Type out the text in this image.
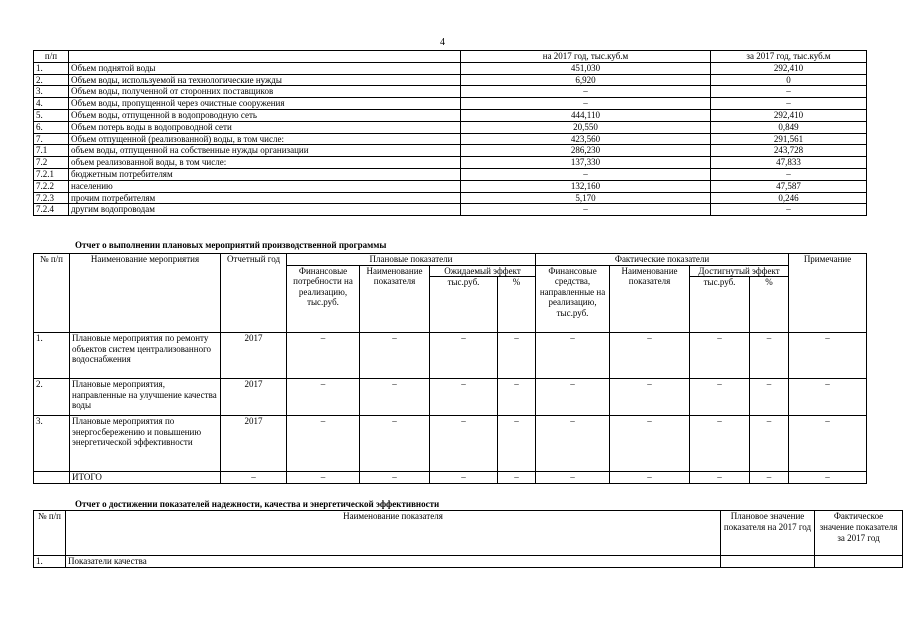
4
п/п		на 2017 год, тыс.куб.м	за 2017 год, тыс.куб.м
1.	Объем поднятой воды	451,030	292,410
2.	Объем воды, используемой на технологические нужды	6,920	0
3.	Объем воды, полученной от сторонних поставщиков	–	–
4.	Объем воды, пропущенной через очистные сооружения	–	–
5.	Объем воды, отпущенной в водопроводную сеть	444,110	292,410
6.	Объем потерь воды в водопроводной сети	20,550	0,849
7.	Объем отпущенной (реализованной) воды, в том числе:	423,560	291,561
7.1	объем воды, отпущенной на собственные нужды организации	286,230	243,728
7.2	объем реализованной воды, в том числе:	137,330	47,833
7.2.1	бюджетным потребителям	–	–
7.2.2	населению	132,160	47,587
7.2.3	прочим потребителям	5,170	0,246
7.2.4	другим водопроводам	–	–
Отчет о выполнении плановых мероприятий производственной программы
№ п/п	Наименование мероприятия	Отчетный год	Плановые показатели				Фактические показатели				Примечание
			Финансовые потребности на реализацию, тыс.руб.	Наименование показателя	Ожидаемый эффект		Финансовые средства, направленные на реализацию, тыс.руб.	Наименование показателя	Достигнутый эффект		
					тыс.руб.	%			тыс.руб.	%	
1.	Плановые мероприятия по ремонту объектов систем централизованного водоснабжения	2017	–	–	–	–	–	–	–	–	–
2.	Плановые мероприятия, направленные на улучшение качества воды	2017	–	–	–	–	–	–	–	–	–
3.	Плановые мероприятия по энергосбережению и повышению энергетической эффективности	2017	–	–	–	–	–	–	–	–	–
	ИТОГО	–	–	–	–	–	–	–	–	–	–
Отчет о достижении показателей надежности, качества и энергетической эффективности
№ п/п	Наименование показателя	Плановое значение показателя на 2017 год	Фактическое значение показателя за 2017 год
1.	Показатели качества		
